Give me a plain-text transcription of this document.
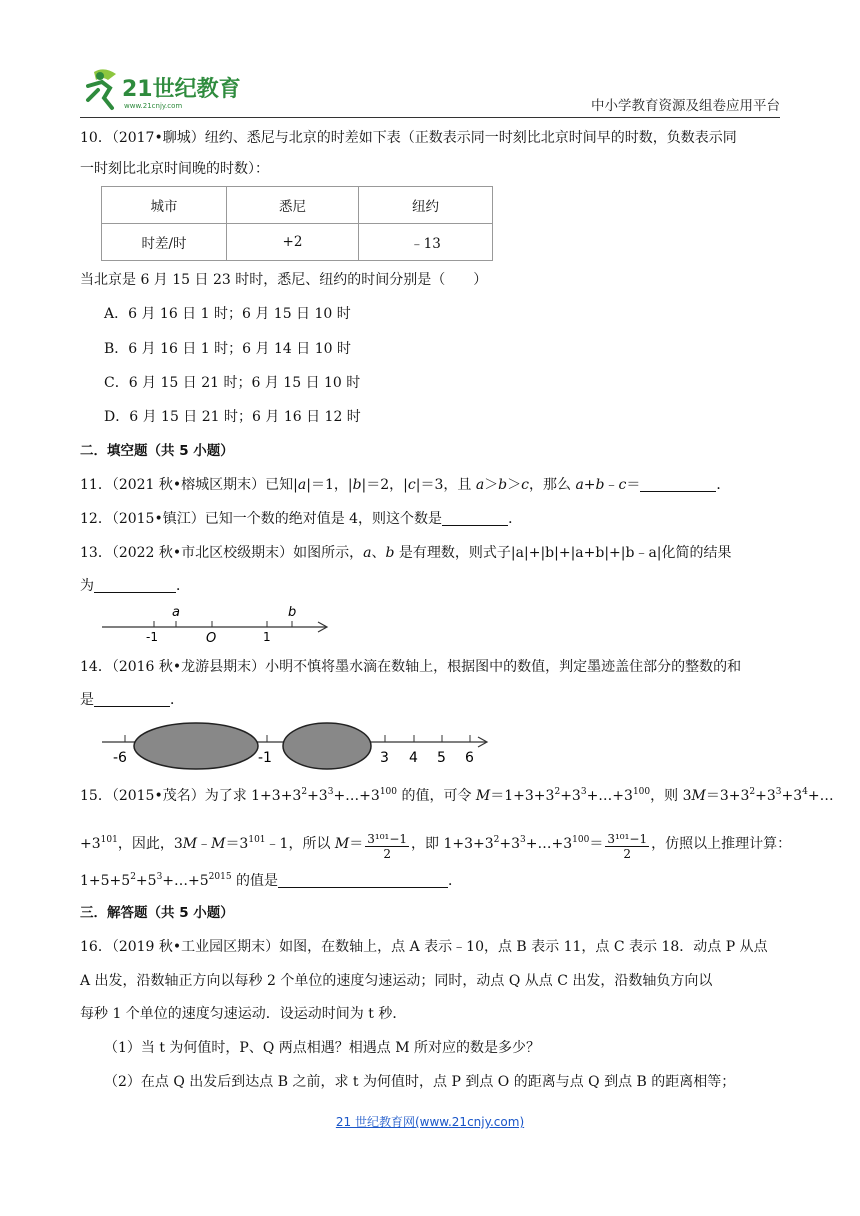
21世纪教育
www.21cnjy.com	中小学教育资源及组卷应用平台
10．（2017•聊城）纽约、悉尼与北京的时差如下表（正数表示同一时刻比北京时间早的时数，负数表示同
一时刻比北京时间晚的时数）：
城市	悉尼	纽约
时差/时	+2	﹣13
当北京是 6 月 15 日 23 时时，悉尼、纽约的时间分别是（　　）
A．6 月 16 日 1 时；6 月 15 日 10 时
B．6 月 16 日 1 时；6 月 14 日 10 时
C．6 月 15 日 21 时；6 月 15 日 10 时
D．6 月 15 日 21 时；6 月 16 日 12 时
二．填空题（共 5 小题）
11．（2021 秋•榕城区期末）已知|a|＝1，|b|＝2，|c|＝3，且 a＞b＞c，那么 a+b﹣c＝	．
12．（2015•镇江）已知一个数的绝对值是 4，则这个数是	．
13．（2022 秋•市北区校级期末）如图所示，a、b 是有理数，则式子|a|+|b|+|a+b|+|b﹣a|化简的结果
为	．
a	b
-1	O	1
14．（2016 秋•龙游县期末）小明不慎将墨水滴在数轴上，根据图中的数值，判定墨迹盖住部分的整数的和
是	．
-6	-1	3 4 5 6
15．（2015•茂名）为了求 $1+3+3^2+3^3+\dots+3^{100}$ 的值，可令 $M=1+3+3^2+3^3+\dots+3^{100}$，则 $3M=3+3^2+3^3+3^4+\dots$
$+3^{101}$，因此，$3M﹣M=3^{101}﹣1$，所以 $M= \frac{\text{3¹⁰¹−1}}{2}$ ，即 $1+3+3^2+3^3+\dots+3^{100}= \frac{\text{3¹⁰¹−1}}{2}$ ，仿照以上推理计算：
$1+5+5^2+5^3+\dots+5^{2015}$ 的值是	．
三．解答题（共 5 小题）
16．（2019 秋•工业园区期末）如图，在数轴上，点 A 表示﹣10，点 B 表示 11，点 C 表示 18．动点 P 从点
A 出发，沿数轴正方向以每秒 2 个单位的速度匀速运动；同时，动点 Q 从点 C 出发，沿数轴负方向以
每秒 1 个单位的速度匀速运动．设运动时间为 t 秒．
（1）当 t 为何值时，P、Q 两点相遇？相遇点 M 所对应的数是多少？
（2）在点 Q 出发后到达点 B 之前，求 t 为何值时，点 P 到点 O 的距离与点 Q 到点 B 的距离相等；
21 世纪教育网(www.21cnjy.com)
